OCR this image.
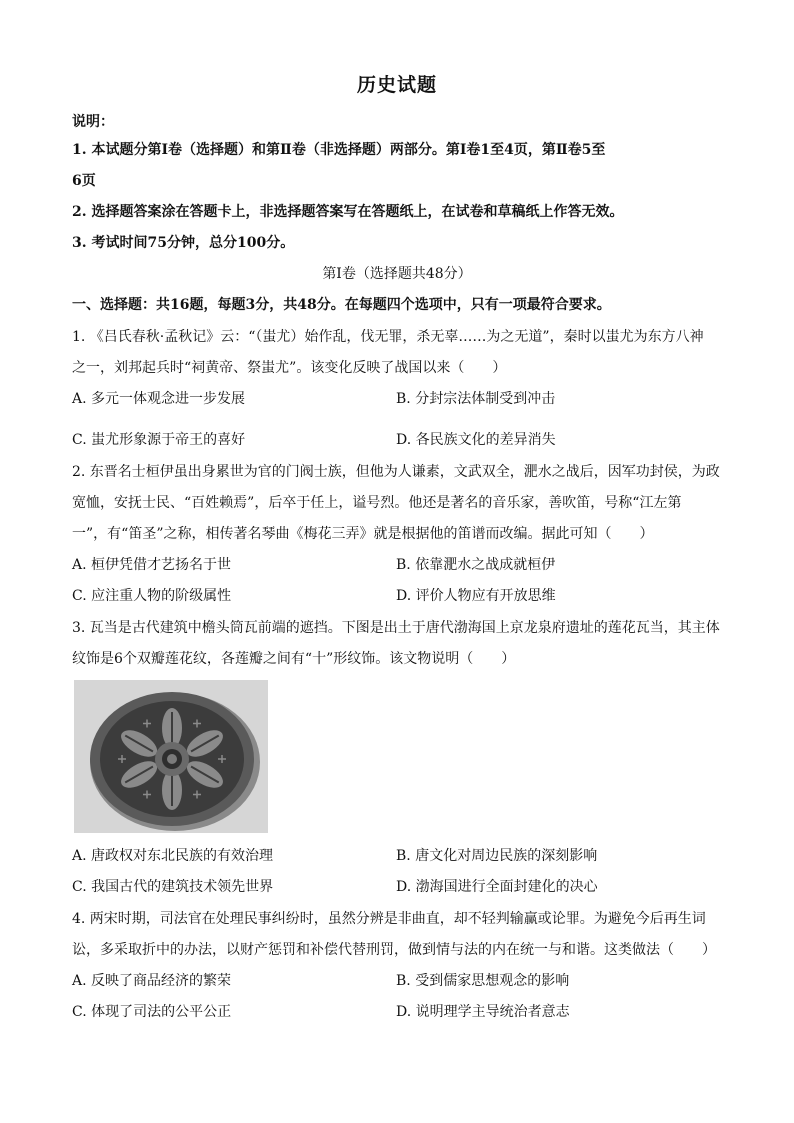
历史试题
说明：
1. 本试题分第Ⅰ卷（选择题）和第Ⅱ卷（非选择题）两部分。第Ⅰ卷1至4页，第Ⅱ卷5至
6页
2. 选择题答案涂在答题卡上，非选择题答案写在答题纸上，在试卷和草稿纸上作答无效。
3. 考试时间75分钟，总分100分。
第Ⅰ卷（选择题共48分）
一、选择题：共16题，每题3分，共48分。在每题四个选项中，只有一项最符合要求。
1. 《吕氏春秋·孟秋记》云：“（蚩尤）始作乱，伐无罪，杀无辜……为之无道”，秦时以蚩尤为东方八神
之一，刘邦起兵时“祠黄帝、祭蚩尤”。该变化反映了战国以来（　　）
A. 多元一体观念进一步发展	B. 分封宗法体制受到冲击
C. 蚩尤形象源于帝王的喜好	D. 各民族文化的差异消失
2. 东晋名士桓伊虽出身累世为官的门阀士族，但他为人谦素，文武双全，淝水之战后，因军功封侯，为政
宽恤，安抚士民、“百姓赖焉”，后卒于任上，谥号烈。他还是著名的音乐家，善吹笛，号称“江左第
一”，有“笛圣”之称，相传著名琴曲《梅花三弄》就是根据他的笛谱而改编。据此可知（　　）
A. 桓伊凭借才艺扬名于世	B. 依靠淝水之战成就桓伊
C. 应注重人物的阶级属性	D. 评价人物应有开放思维
3. 瓦当是古代建筑中檐头筒瓦前端的遮挡。下图是出土于唐代渤海国上京龙泉府遗址的莲花瓦当，其主体
纹饰是6个双瓣莲花纹，各莲瓣之间有“十”形纹饰。该文物说明（　　）
A. 唐政权对东北民族的有效治理	B. 唐文化对周边民族的深刻影响
C. 我国古代的建筑技术领先世界	D. 渤海国进行全面封建化的决心
4. 两宋时期，司法官在处理民事纠纷时，虽然分辨是非曲直，却不轻判输赢或论罪。为避免今后再生词
讼，多采取折中的办法，以财产惩罚和补偿代替刑罚，做到情与法的内在统一与和谐。这类做法（　　）
A. 反映了商品经济的繁荣	B. 受到儒家思想观念的影响
C. 体现了司法的公平公正	D. 说明理学主导统治者意志
